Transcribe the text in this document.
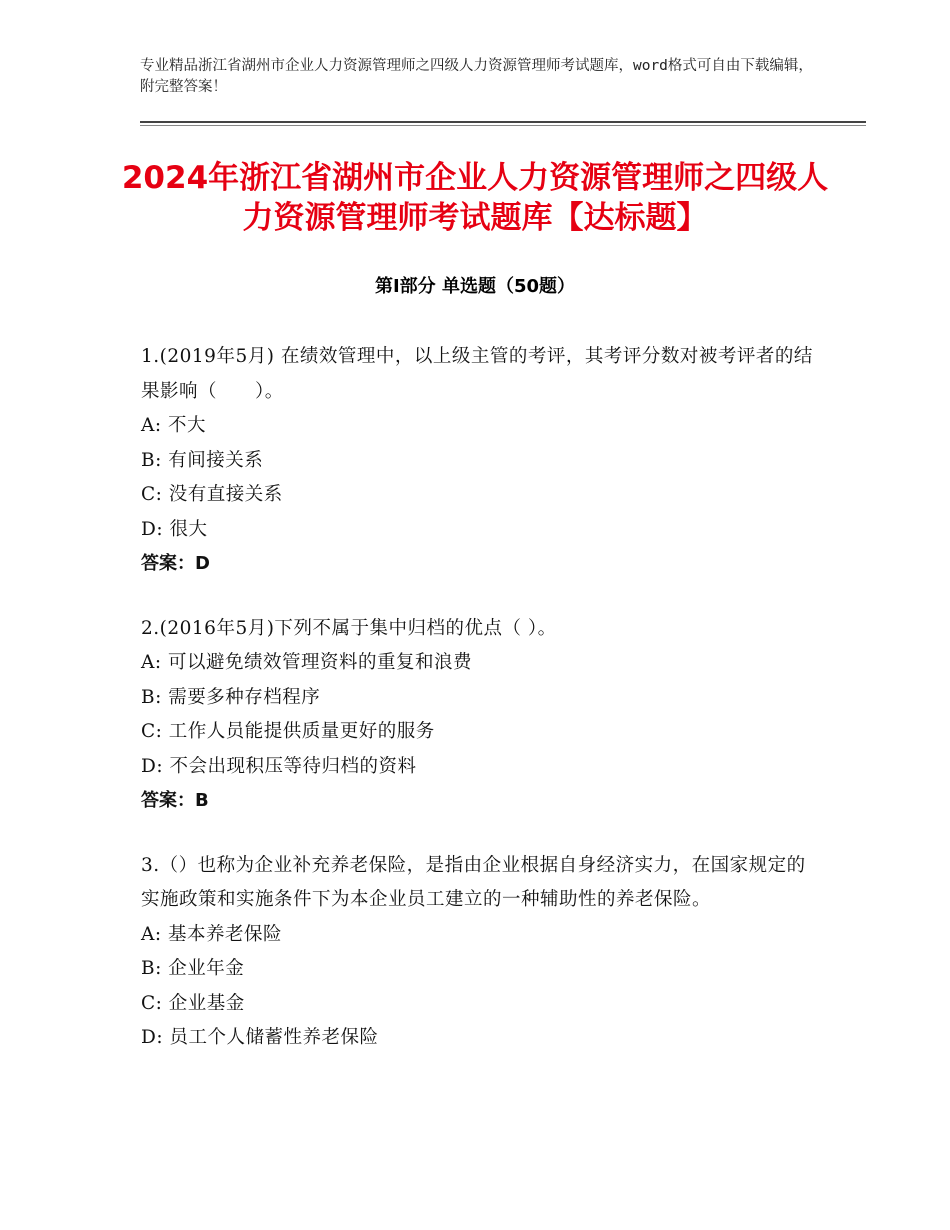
专业精品浙江省湖州市企业人力资源管理师之四级人力资源管理师考试题库，word格式可自由下载编辑，附完整答案！
2024年浙江省湖州市企业人力资源管理师之四级人力资源管理师考试题库【达标题】
第Ⅰ部分 单选题（50题）
1.(2019年5月) 在绩效管理中，以上级主管的考评，其考评分数对被考评者的结果影响（　　）。
A: 不大
B: 有间接关系
C: 没有直接关系
D: 很大
答案：D
2.(2016年5月)下列不属于集中归档的优点（ ）。
A: 可以避免绩效管理资料的重复和浪费
B: 需要多种存档程序
C: 工作人员能提供质量更好的服务
D: 不会出现积压等待归档的资料
答案：B
3.（）也称为企业补充养老保险，是指由企业根据自身经济实力，在国家规定的实施政策和实施条件下为本企业员工建立的一种辅助性的养老保险。
A: 基本养老保险
B: 企业年金
C: 企业基金
D: 员工个人储蓄性养老保险
